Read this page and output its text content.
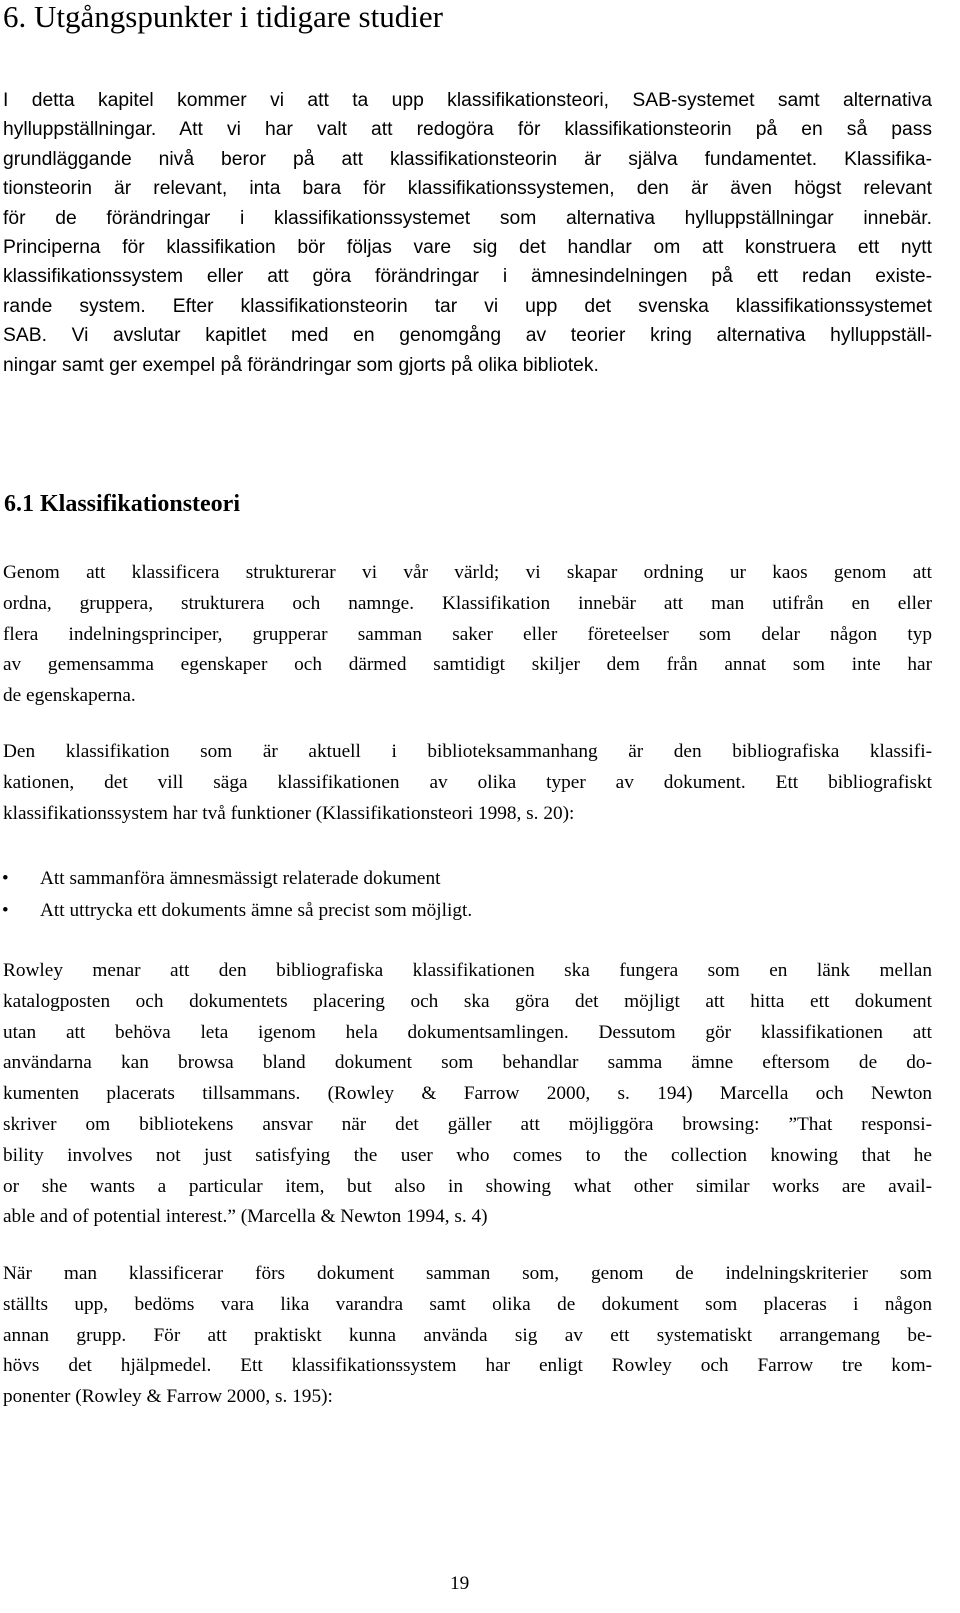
6. Utgångspunkter i tidigare studier
I detta kapitel kommer vi att ta upp klassifikationsteori, SAB-systemet samt alternativa
hylluppställningar. Att vi har valt att redogöra för klassifikationsteorin på en så pass
grundläggande nivå beror på att klassifikationsteorin är själva fundamentet. Klassifika-
tionsteorin är relevant, inta bara för klassifikationssystemen, den är även högst relevant
för de förändringar i klassifikationssystemet som alternativa hylluppställningar innebär.
Principerna för klassifikation bör följas vare sig det handlar om att konstruera ett nytt
klassifikationssystem eller att göra förändringar i ämnesindelningen på ett redan existe-
rande system. Efter klassifikationsteorin tar vi upp det svenska klassifikationssystemet
SAB. Vi avslutar kapitlet med en genomgång av teorier kring alternativa hylluppställ-
ningar samt ger exempel på förändringar som gjorts på olika bibliotek.
6.1 Klassifikationsteori
Genom att klassificera strukturerar vi vår värld; vi skapar ordning ur kaos genom att
ordna, gruppera, strukturera och namnge. Klassifikation innebär att man utifrån en eller
flera indelningsprinciper, grupperar samman saker eller företeelser som delar någon typ
av gemensamma egenskaper och därmed samtidigt skiljer dem från annat som inte har
de egenskaperna.
Den klassifikation som är aktuell i biblioteksammanhang är den bibliografiska klassifi-
kationen, det vill säga klassifikationen av olika typer av dokument. Ett bibliografiskt
klassifikationssystem har två funktioner (Klassifikationsteori 1998, s. 20):
• Att sammanföra ämnesmässigt relaterade dokument
• Att uttrycka ett dokuments ämne så precist som möjligt.
Rowley menar att den bibliografiska klassifikationen ska fungera som en länk mellan
katalogposten och dokumentets placering och ska göra det möjligt att hitta ett dokument
utan att behöva leta igenom hela dokumentsamlingen. Dessutom gör klassifikationen att
användarna kan browsa bland dokument som behandlar samma ämne eftersom de do-
kumenten placerats tillsammans. (Rowley & Farrow 2000, s. 194) Marcella och Newton
skriver om bibliotekens ansvar när det gäller att möjliggöra browsing: ”That responsi-
bility involves not just satisfying the user who comes to the collection knowing that he
or she wants a particular item, but also in showing what other similar works are avail-
able and of potential interest.” (Marcella & Newton 1994, s. 4)
När man klassificerar förs dokument samman som, genom de indelningskriterier som
ställts upp, bedöms vara lika varandra samt olika de dokument som placeras i någon
annan grupp. För att praktiskt kunna använda sig av ett systematiskt arrangemang be-
hövs det hjälpmedel. Ett klassifikationssystem har enligt Rowley och Farrow tre kom-
ponenter (Rowley & Farrow 2000, s. 195):
19
